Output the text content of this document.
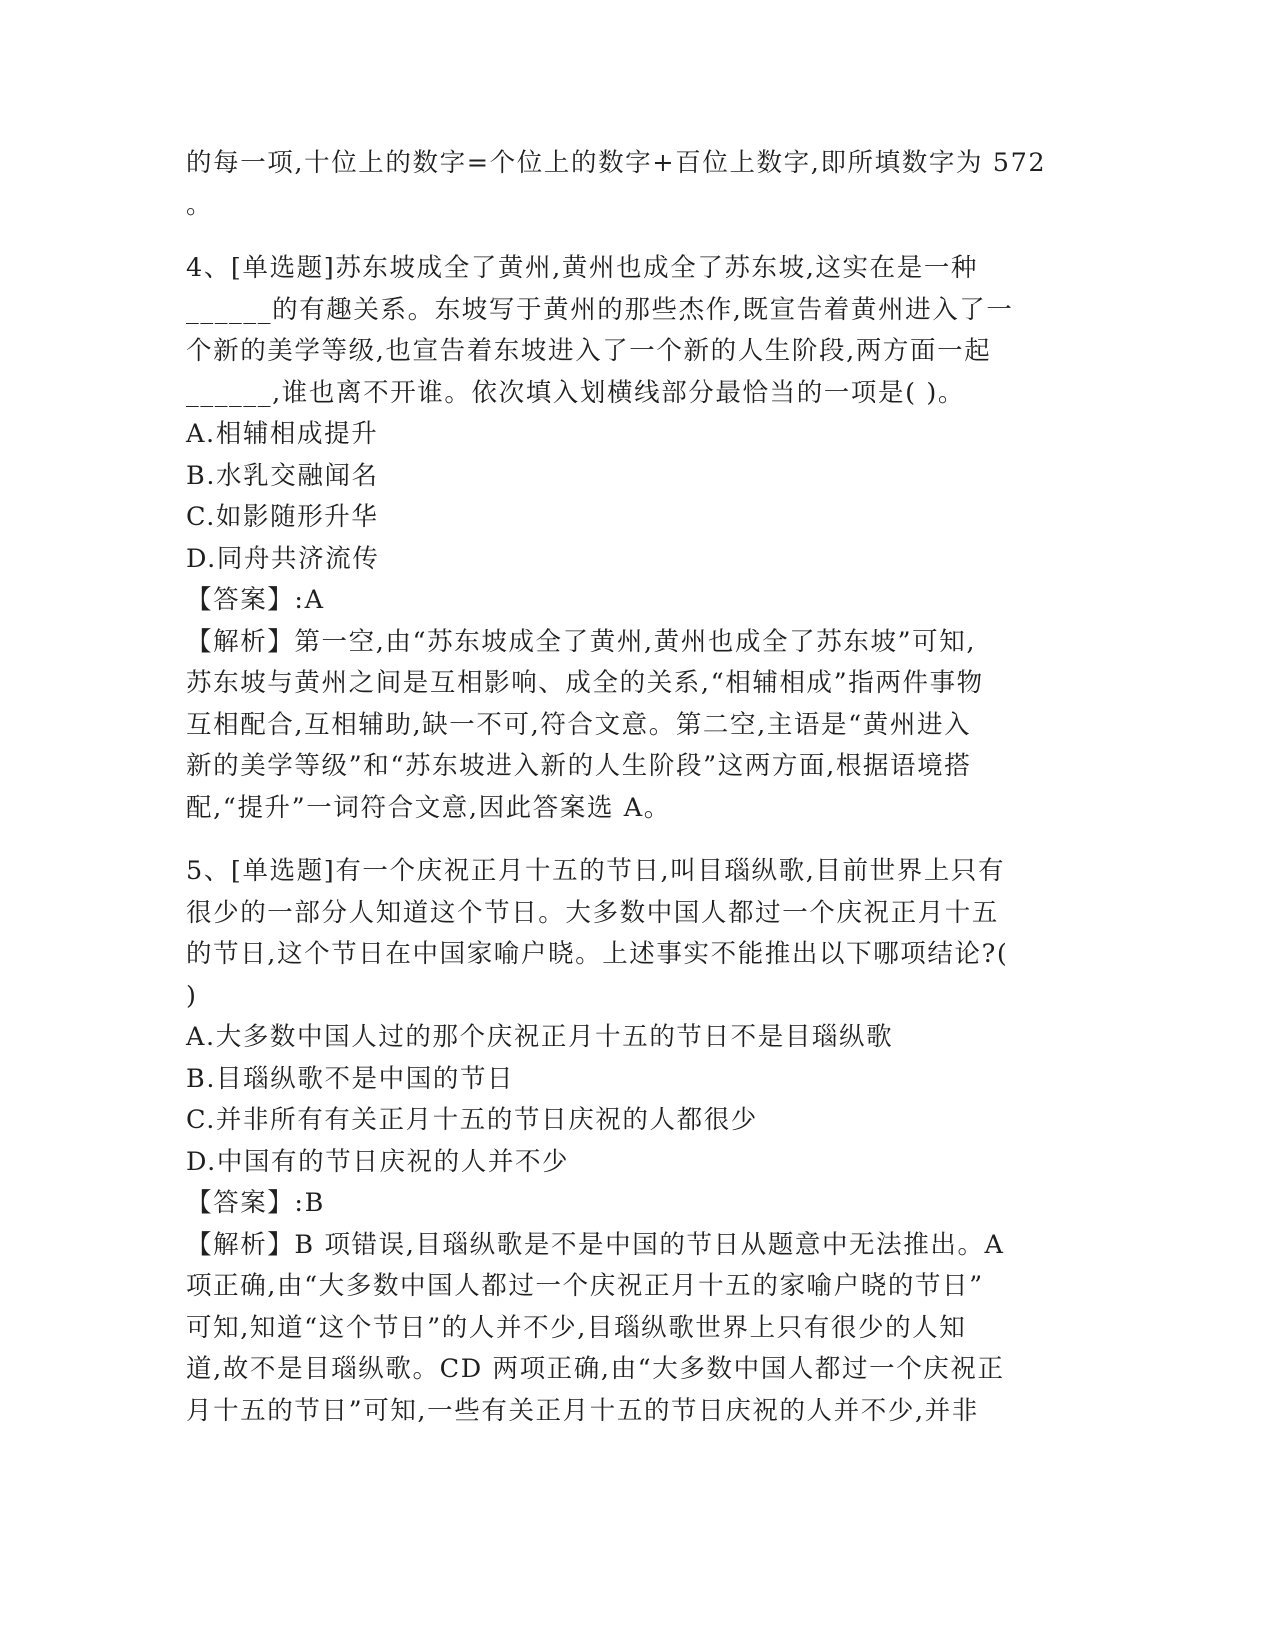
的每一项,十位上的数字=个位上的数字+百位上数字,即所填数字为 572
。
4、[单选题]苏东坡成全了黄州,黄州也成全了苏东坡,这实在是一种
______的有趣关系。东坡写于黄州的那些杰作,既宣告着黄州进入了一
个新的美学等级,也宣告着东坡进入了一个新的人生阶段,两方面一起
______,谁也离不开谁。依次填入划横线部分最恰当的一项是( )。
A.相辅相成提升
B.水乳交融闻名
C.如影随形升华
D.同舟共济流传
【答案】:A
【解析】第一空,由“苏东坡成全了黄州,黄州也成全了苏东坡”可知,
苏东坡与黄州之间是互相影响、成全的关系,“相辅相成”指两件事物
互相配合,互相辅助,缺一不可,符合文意。第二空,主语是“黄州进入
新的美学等级”和“苏东坡进入新的人生阶段”这两方面,根据语境搭
配,“提升”一词符合文意,因此答案选 A。
5、[单选题]有一个庆祝正月十五的节日,叫目瑙纵歌,目前世界上只有
很少的一部分人知道这个节日。大多数中国人都过一个庆祝正月十五
的节日,这个节日在中国家喻户晓。上述事实不能推出以下哪项结论?(
)
A.大多数中国人过的那个庆祝正月十五的节日不是目瑙纵歌
B.目瑙纵歌不是中国的节日
C.并非所有有关正月十五的节日庆祝的人都很少
D.中国有的节日庆祝的人并不少
【答案】:B
【解析】B 项错误,目瑙纵歌是不是中国的节日从题意中无法推出。A
项正确,由“大多数中国人都过一个庆祝正月十五的家喻户晓的节日”
可知,知道“这个节日”的人并不少,目瑙纵歌世界上只有很少的人知
道,故不是目瑙纵歌。CD 两项正确,由“大多数中国人都过一个庆祝正
月十五的节日”可知,一些有关正月十五的节日庆祝的人并不少,并非
